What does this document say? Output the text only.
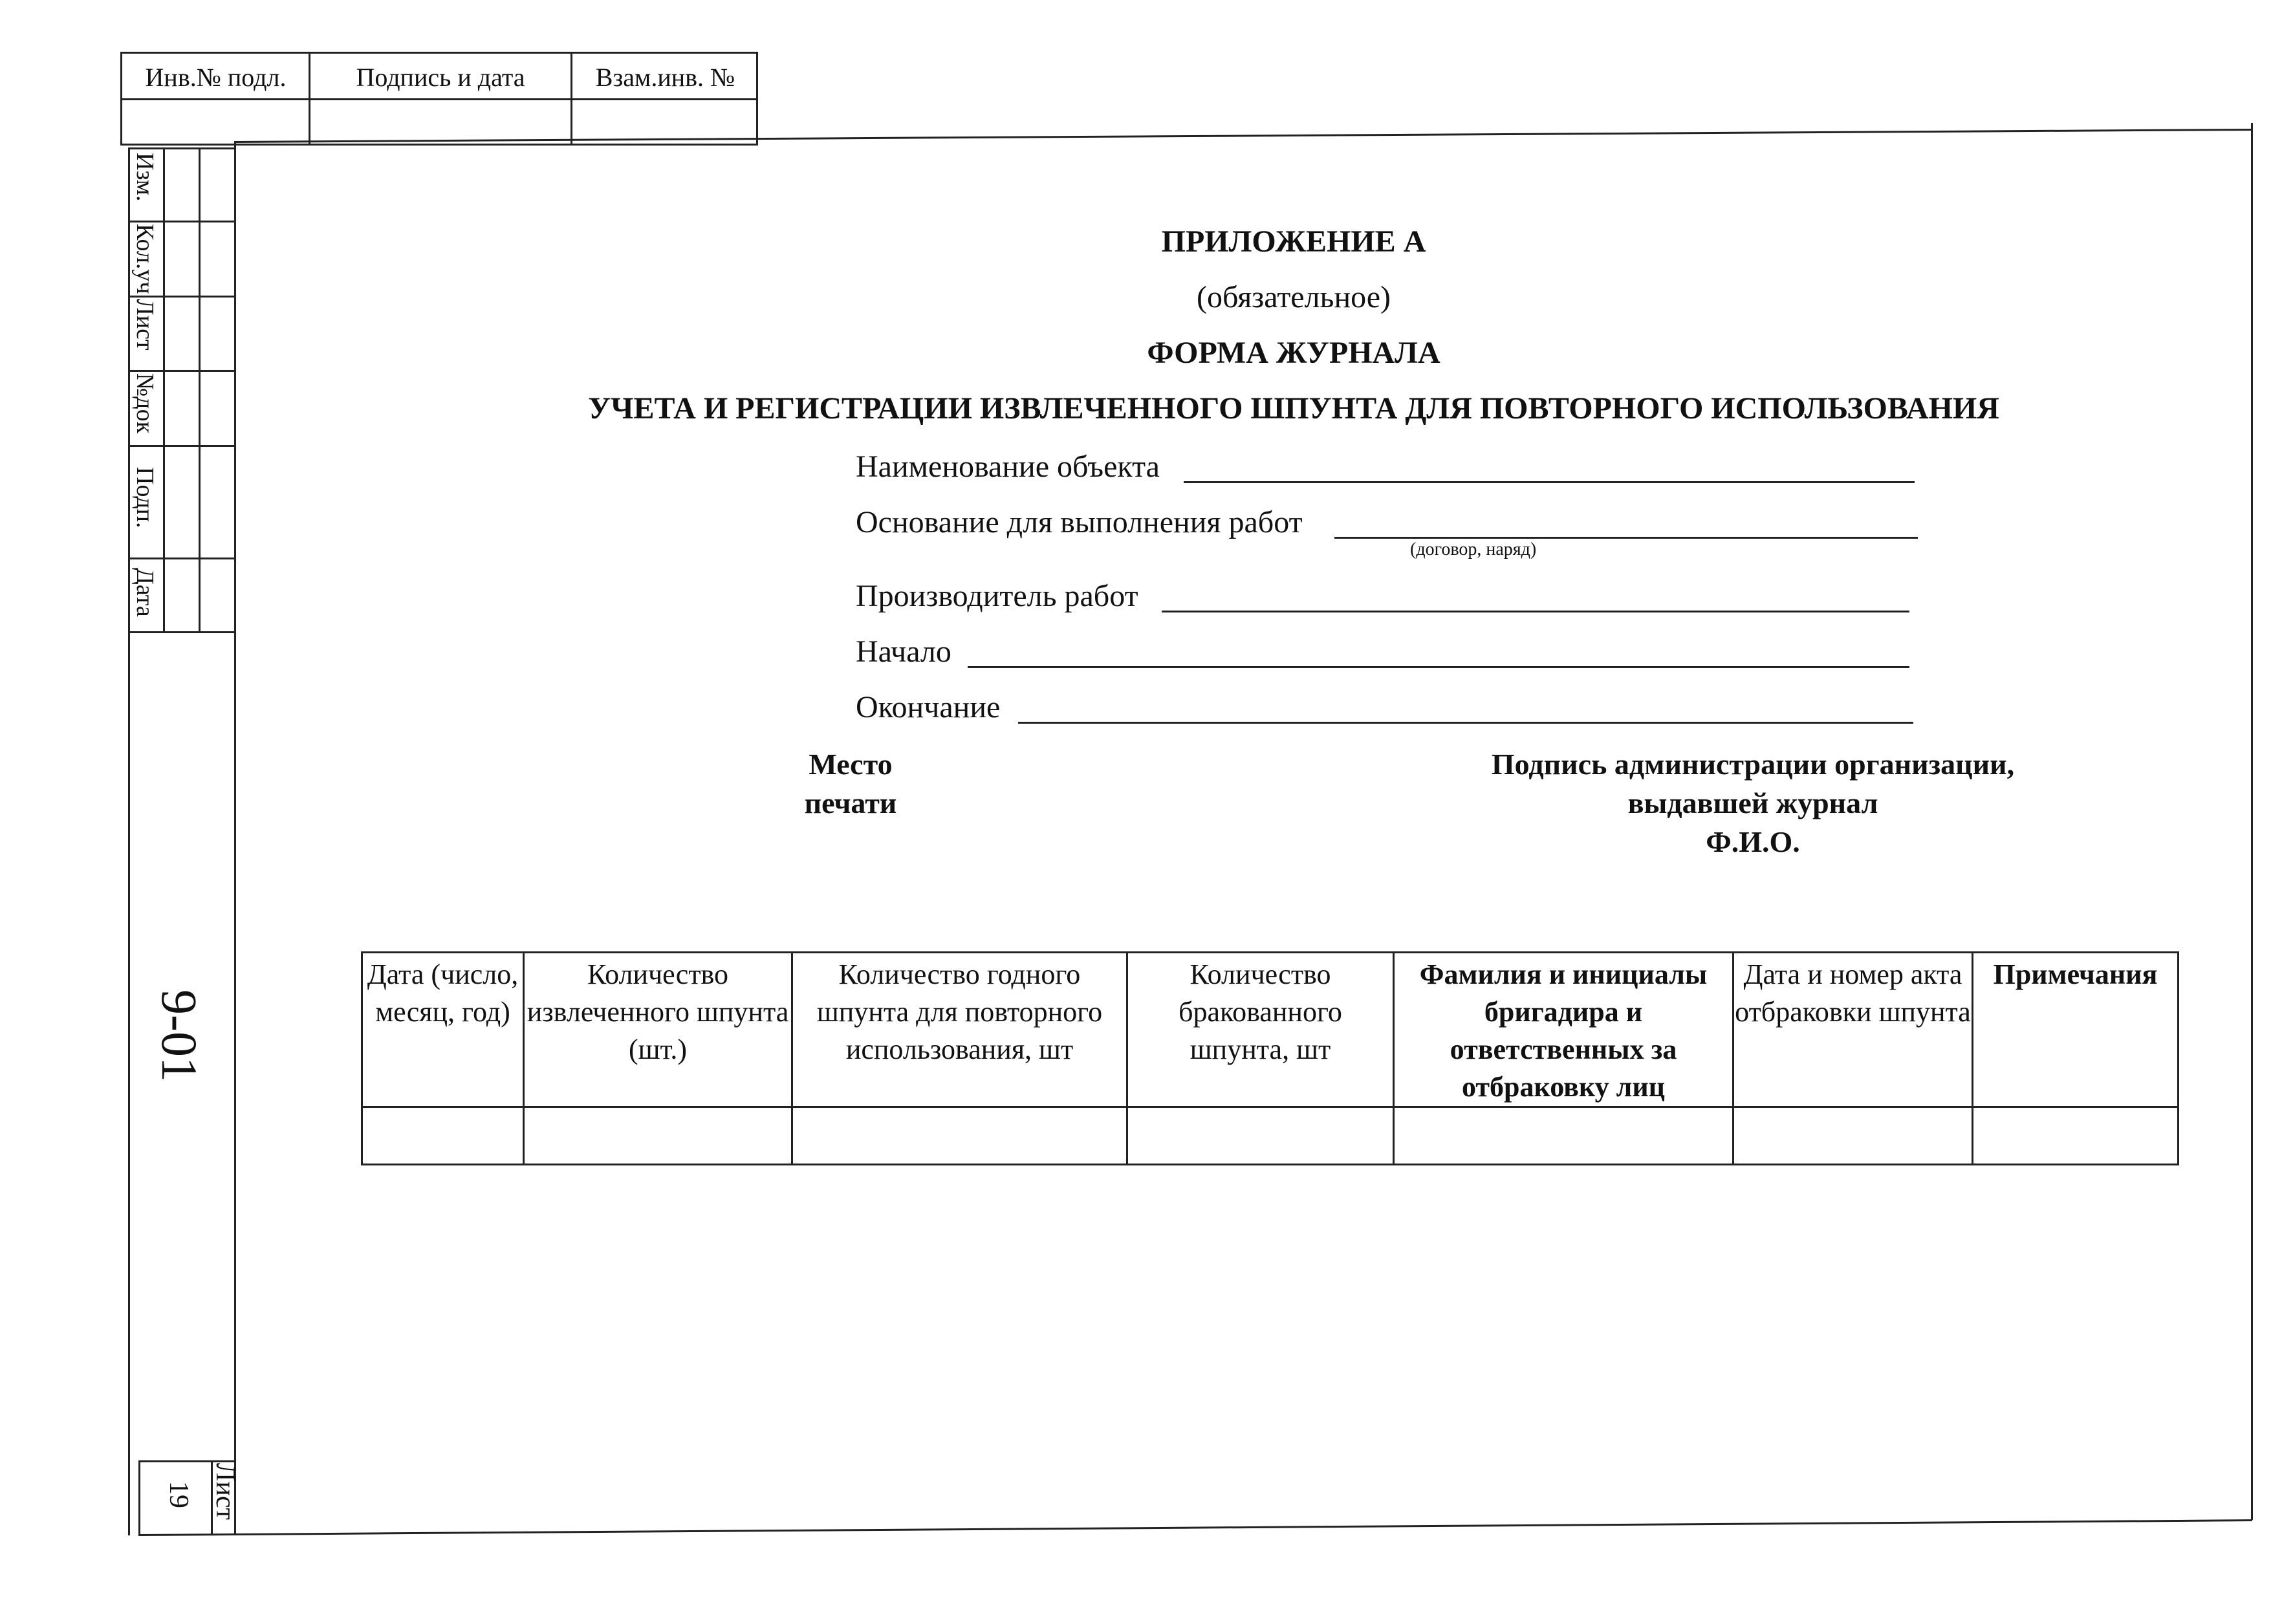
Инв.№ подл.	Подпись и дата	Взам.инв. №
Изм.
Кол.уч
Лист
№док
Подп.
Дата
9-01
Лист
19
ПРИЛОЖЕНИЕ А
(обязательное)
ФОРМА ЖУРНАЛА
УЧЕТА И РЕГИСТРАЦИИ ИЗВЛЕЧЕННОГО ШПУНТА ДЛЯ ПОВТОРНОГО ИСПОЛЬЗОВАНИЯ
Наименование объекта
Основание для выполнения работ
(договор, наряд)
Производитель работ
Начало
Окончание
Место
печати
Подпись администрации организации,
выдавшей журнал
Ф.И.О.
Дата (число, месяц, год)	Количество извлеченного шпунта (шт.)	Количество годного шпунта для повторного использования, шт	Количество бракованного шпунта, шт	Фамилия и инициалы бригадира и ответственных за отбраковку лиц	Дата и номер акта отбраковки шпунта	Примечания
